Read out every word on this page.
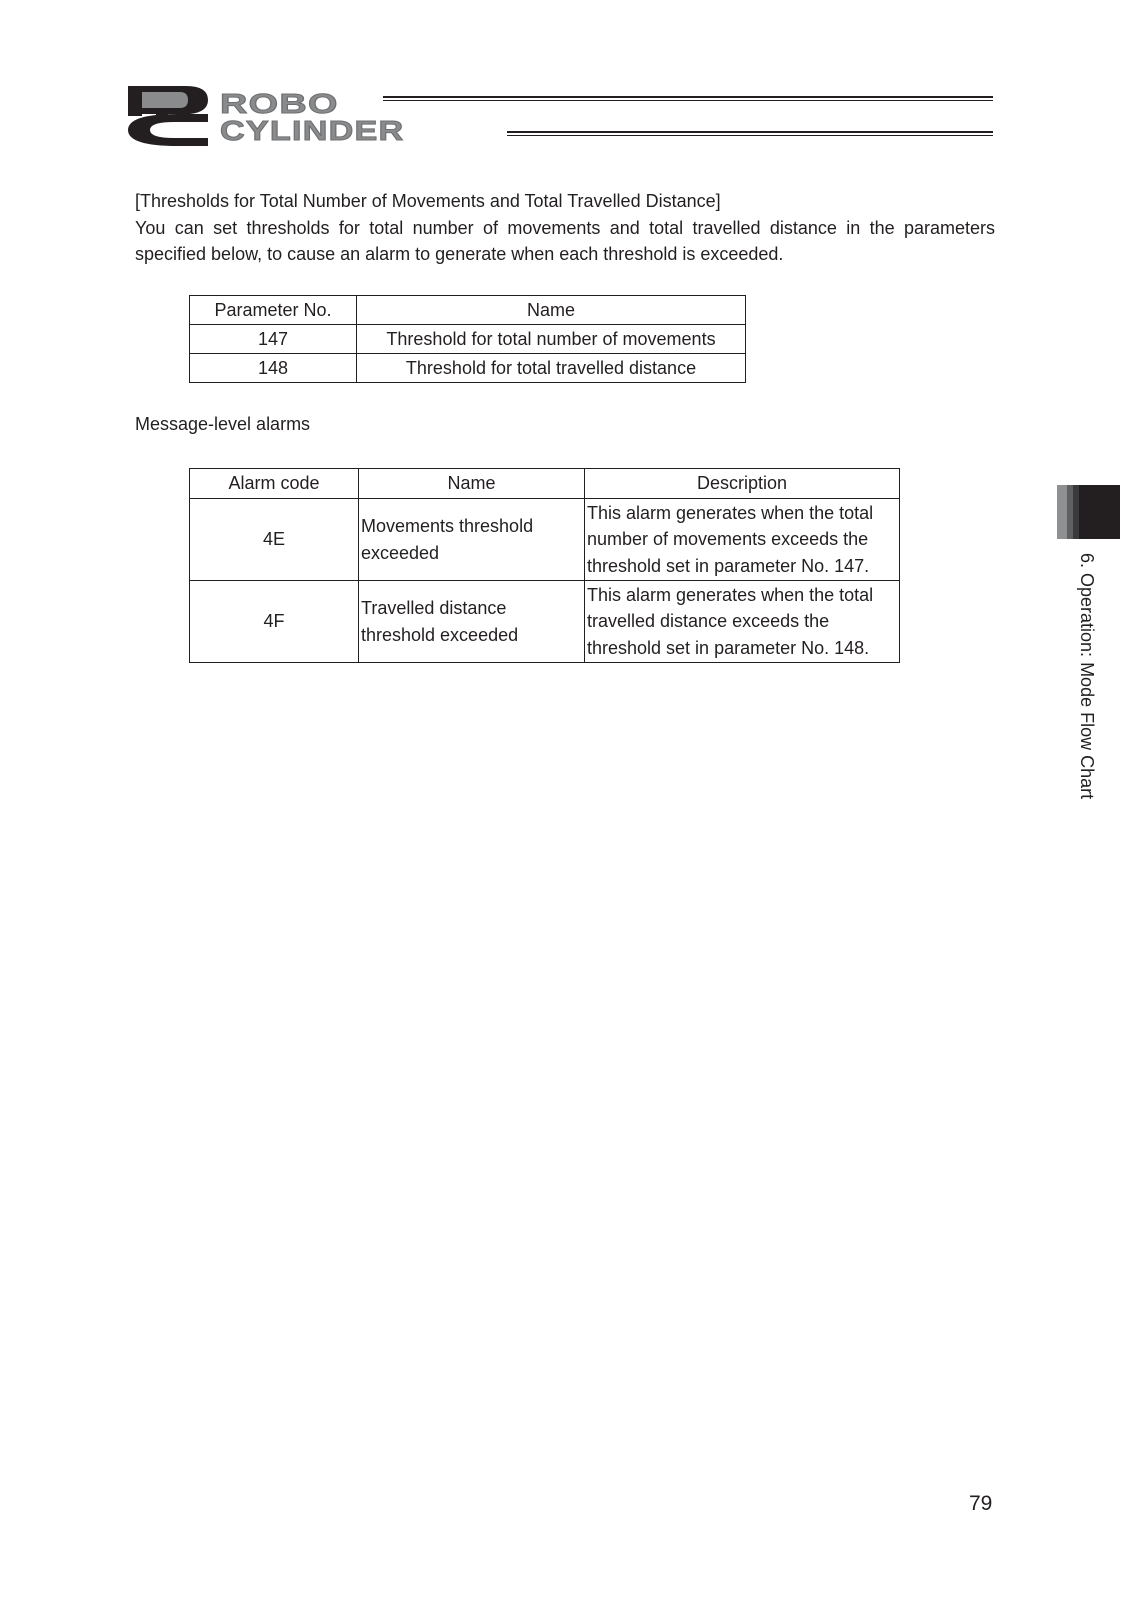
ROBO
CYLINDER

[Thresholds for Total Number of Movements and Total Travelled Distance]

You can set thresholds for total number of movements and total travelled distance in the parameters specified below, to cause an alarm to generate when each threshold is exceeded.

Parameter No.	Name
147	Threshold for total number of movements
148	Threshold for total travelled distance
Message-level alarms
Alarm code	Name	Description
4E	Movements threshold exceeded	This alarm generates when the total number of movements exceeds the threshold set in parameter No. 147.
4F	Travelled distance threshold exceeded	This alarm generates when the total travelled distance exceeds the threshold set in parameter No. 148.	6. Operation: Mode Flow Chart
79
